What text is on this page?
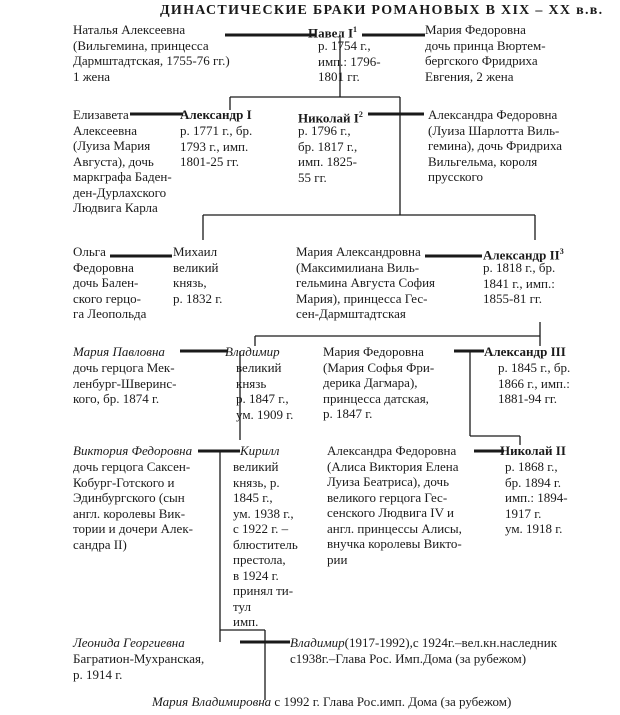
ДИНАСТИЧЕСКИЕ БРАКИ РОМАНОВЫХ В XIX – XX в.в.
Наталья Алексеевна
(Вильгемина, принцесса
Дармштадтская, 1755-76 гг.)
1 жена
Павел $I^1$
р. 1754 г.,
имп.: 1796-
1801 гг.
Мария Федоровна
дочь принца Вюртем-
бергского Фридриха
Евгения, 2 жена
Елизавета
Алексеевна
(Луиза Мария
Августа), дочь
маркграфа Баден-
ден-Дурлахского
Людвига Карла
Александр I
р. 1771 г., бр.
1793 г., имп.
1801-25 гг.
Николай $I^2$
р. 1796 г.,
бр. 1817 г.,
имп. 1825-
55 гг.
Александра Федоровна
(Луиза Шарлотта Виль-
гемина), дочь Фридриха
Вильгельма, короля
прусского
Ольга
Федоровна
дочь Бален-
ского герцо-
га Леопольда
Михаил
великий
князь,
р. 1832 г.
Мария Александровна
(Максимилиана Виль-
гельмина Августа София
Мария), принцесса Гес-
сен-Дармштадтская
Александр $II^3$
р. 1818 г., бр.
1841 г., имп.:
1855-81 гг.
Мария Павловна
дочь герцога Мек-
ленбург-Шверинс-
кого, бр. 1874 г.
Владимир
великий
князь
р. 1847 г.,
ум. 1909 г.
Мария Федоровна
(Мария Софья Фри-
дерика Дагмара),
принцесса датская,
р. 1847 г.
Александр III
р. 1845 г., бр.
1866 г., имп.:
1881-94 гг.
Виктория Федоровна
дочь герцога Саксен-
Кобург-Готского и
Эдинбургского (сын
англ. королевы Вик-
тории и дочери Алек-
сандра II)
Кирилл
великий
князь, р.
1845 г.,
ум. 1938 г.,
с 1922 г. –
блюститель
престола,
в 1924 г.
принял ти-
тул
имп.
Александра Федоровна
(Алиса Виктория Елена
Луиза Беатриса), дочь
великого герцога Гес-
сенского Людвига IV и
англ. принцессы Алисы,
внучка королевы Викто-
рии
Николай II
р. 1868 г.,
бр. 1894 г.
имп.: 1894-
1917 г.
ум. 1918 г.
Леонида Георгиевна
Багратион-Мухранская,
р. 1914 г.
Владимир(1917-1992),с 1924г.–вел.кн.наследник
с1938г.–Глава Рос. Имп.Дома (за рубежом)
Мария Владимировна с 1992 г. Глава Рос.имп. Дома (за рубежом)
